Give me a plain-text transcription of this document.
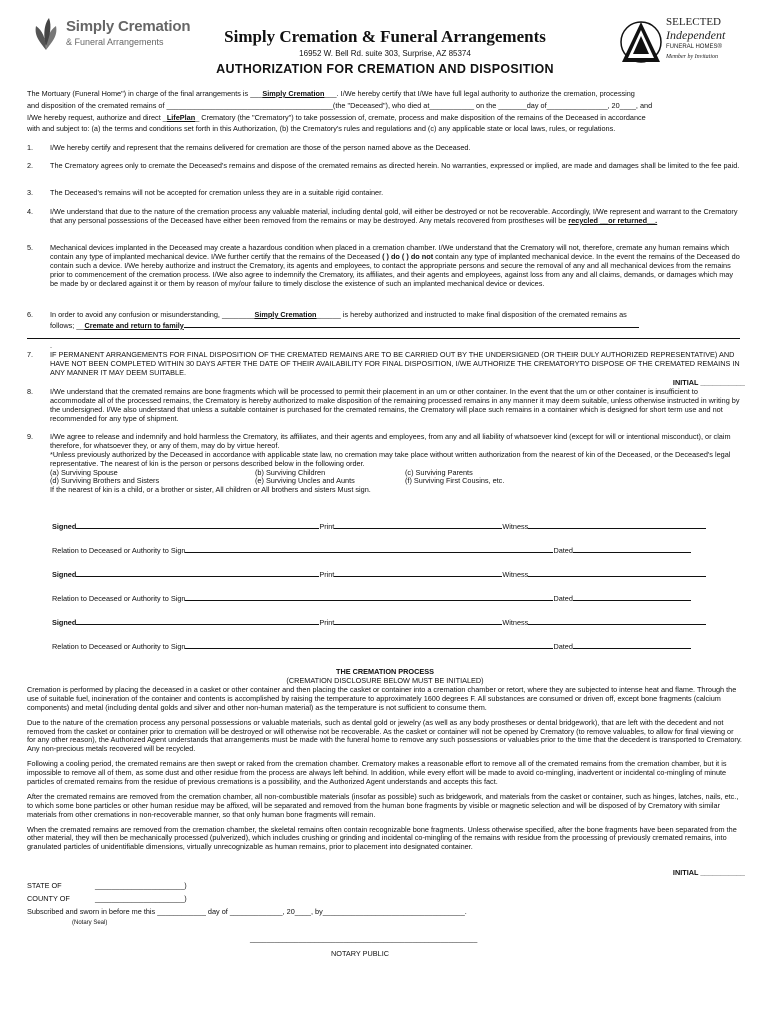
Simply Cremation
& Funeral Arrangements	Simply Cremation & Funeral Arrangements
16952 W. Bell Rd. suite 303, Surprise, AZ 85374
AUTHORIZATION FOR CREMATION AND DISPOSITION
SELECTED
Independent
FUNERAL HOMES®
Member by Invitation
The Mortuary (Funeral Home") in charge of the final arrangements is ___Simply Cremation___. I/We hereby certify that I/We have full legal authority to authorize the cremation, processing
and disposition of the cremated remains of _________________________________________(the "Deceased"), who died at___________ on the _______day of_______________, 20____, and
I/We hereby request, authorize and direct _LifePlan_ Crematory (the "Crematory") to take possession of, cremate, process and make disposition of the remains of the Deceased in accordance
with and subject to: (a) the terms and conditions set forth in this Authorization, (b) the Crematory's rules and regulations and (c) any applicable state or local laws, rules, or regulations.
1. I/We hereby certify and represent that the remains delivered for cremation are those of the person named above as the Deceased.
2. The Crematory agrees only to cremate the Deceased's remains and dispose of the cremated remains as directed herein. No warranties, expressed or implied, are made and damages shall be limited to the fee paid.
3. The Deceased's remains will not be accepted for cremation unless they are in a suitable rigid container.
4. I/We understand that due to the nature of the cremation process any valuable material, including dental gold, will either be destroyed or not be recoverable. Accordingly, I/We represent and warrant to the Crematory that any personal possessions of the Deceased have either been removed from the remains or may be destroyed. Any metals recovered from prostheses will be recycled __or returned__.
5. Mechanical devices implanted in the Deceased may create a hazardous condition when placed in a cremation chamber. I/We understand that the Crematory will not, therefore, cremate any human remains which contain any type of implanted mechanical device. I/We further certify that the remains of the Deceased ( ) do ( ) do not contain any type of implanted mechanical device. In the event the remains of the Deceased do contain such a device. I/We hereby authorize and instruct the Crematory, its agents and employees, to contact the appropriate persons and secure the removal of any and all mechanical devices from the remains prior to commencement of the cremation process. I/We also agree to indemnify the Crematory, its affiliates, and their agents and employees, against loss from any and all claims, demands, or damages which may be made by or declared against it or them by reason of my/our failure to timely disclose the existence of such an implanted mechanical device or devices.
6. In order to avoid any confusion or misunderstanding, ________Simply Cremation______ is hereby authorized and instructed to make final disposition of the cremated remains as
follows; __Cremate and return to family
.
7. IF PERMANENT ARRANGEMENTS FOR FINAL DISPOSITION OF THE CREMATED REMAINS ARE TO BE CARRIED OUT BY THE UNDERSIGNED (OR THEIR DULY AUTHORIZED REPRESENTATIVE) AND HAVE NOT BEEN COMPLETED WITHIN 30 DAYS AFTER THE DATE OF THEIR AVAILABILITY FOR FINAL DISPOSITION, I/WE AUTHORIZE THE CREMATORYTO DISPOSE OF THE CREMATED REMAINS IN ANY MANNER IT MAY DEEM SUITABLE.
INITIAL ___________
8. I/We understand that the cremated remains are bone fragments which will be processed to permit their placement in an urn or other container. In the event that the urn or other container is insufficient to accommodate all of the processed remains, the Crematory is hereby authorized to make disposition of the remaining processed remains in any manner it may deem suitable, unless otherwise instructed in writing by the undersigned. I/We also understand that unless a suitable container is purchased for the cremated remains, the Crematory will place such remains in a container which is designed for short term use and not recommended for any type of shipment.
9. I/We agree to release and indemnify and hold harmless the Crematory, its affiliates, and their agents and employees, from any and all liability of whatsoever kind (except for will or intentional misconduct), or claim therefore, for whatsoever they, or any of them, may do by virtue hereof.
*Unless previously authorized by the Deceased in accordance with applicable state law, no cremation may take place without written authorization from the nearest of kin of the Deceased, or the Deceased's legal representative. The nearest of kin is the person or persons described below in the following order.
(a) Surviving Spouse	(b) Surviving Children	(c) Surviving Parents
(d) Surviving Brothers and Sisters	(e) Surviving Uncles and Aunts	(f) Surviving First Cousins, etc.
If the nearest of kin is a child, or a brother or sister, All children or All brothers and sisters Must sign.
Signed	Print	Witness
Relation to Deceased or Authority to Sign	Dated
Signed	Print	Witness
Relation to Deceased or Authority to Sign	Dated
Signed	Print	Witness
Relation to Deceased or Authority to Sign	Dated
THE CREMATION PROCESS
(CREMATION DISCLOSURE BELOW MUST BE INITIALED)

Cremation is performed by placing the deceased in a casket or other container and then placing the casket or container into a cremation chamber or retort, where they are subjected to intense heat and flame. Through the use of suitable fuel, incineration of the container and contents is accomplished by raising the temperature to approximately 1600 degrees F. All substances are consumed or driven off, except bone fragments (calcium components) and metal (including dental golds and silver and other non-human material) as the temperature is not sufficient to consume them.

Due to the nature of the cremation process any personal possessions or valuable materials, such as dental gold or jewelry (as well as any body prostheses or dental bridgework), that are left with the decedent and not removed from the casket or container prior to cremation will be destroyed or will otherwise not be recoverable. As the casket or container will not be opened by Crematory (to remove valuables, to allow for final viewing or for any other reason), the Authorized Agent understands that arrangements must be made with the funeral home to remove any such possessions or valuables prior to the time that the decedent is transported to Crematory. Any non-precious metals recovered will be recycled.

Following a cooling period, the cremated remains are then swept or raked from the cremation chamber. Crematory makes a reasonable effort to remove all of the cremated remains from the cremation chamber, but it is impossible to remove all of them, as some dust and other residue from the process are always left behind. In addition, while every effort will be made to avoid co-mingling, inadvertent or incidental co-mingling of minute particles of cremated remains from the residue of previous cremations is a possibility, and the Authorized Agent understands and accepts this fact.

After the cremated remains are removed from the cremation chamber, all non-combustible materials (insofar as possible) such as bridgework, and materials from the casket or container, such as hinges, latches, nails, etc., to which some bone particles or other human residue may be affixed, will be separated and removed from the human bone fragments by visible or magnetic selection and will be disposed of by Crematory with similar materials from other cremations in non-recoverable manner, so that only human bone fragments will remain.

When the cremated remains are removed from the cremation chamber, the skeletal remains often contain recognizable bone fragments. Unless otherwise specified, after the bone fragments have been separated from the other material, they will then be mechanically processed (pulverized), which includes crushing or grinding and incidental co-mingling of the remains with residue from the processing of previously cremated remains, into granulated particles of unidentifiable dimensions, virtually unrecognizable as human remains, prior to placement into designated container.

INITIAL ___________
STATE OF	______________________)
COUNTY OF	______________________)
Subscribed and sworn in before me this ____________ day of _____________, 20____, by___________________________________.
(Notary Seal)
________________________________________________________
NOTARY PUBLIC
